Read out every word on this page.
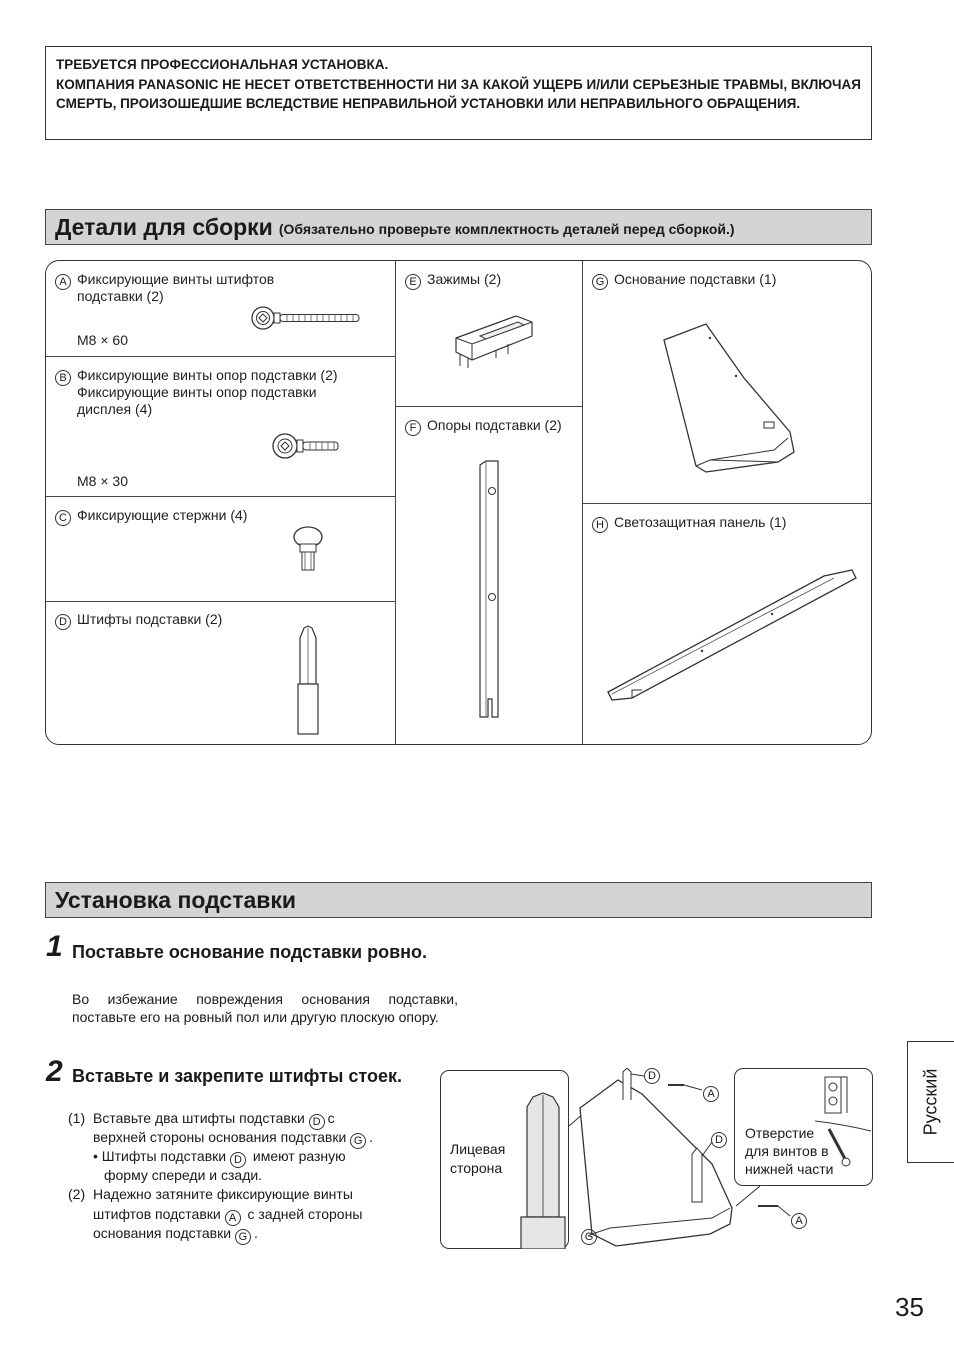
ТРЕБУЕТСЯ ПРОФЕССИОНАЛЬНАЯ УСТАНОВКА.
КОМПАНИЯ PANASONIC НЕ НЕСЕТ ОТВЕТСТВЕННОСТИ НИ ЗА КАКОЙ УЩЕРБ И/ИЛИ СЕРЬЕЗНЫЕ ТРАВМЫ, ВКЛЮЧАЯ СМЕРТЬ, ПРОИЗОШЕДШИЕ ВСЛЕДСТВИЕ НЕПРАВИЛЬНОЙ УСТАНОВКИ ИЛИ НЕПРАВИЛЬНОГО ОБРАЩЕНИЯ.
Детали для сборки (Обязательно проверьте комплектность деталей перед сборкой.)
A Фиксирующие винты штифтов подставки (2)
M8 × 60
B Фиксирующие винты опор подставки (2)
Фиксирующие винты опор подставки дисплея (4)
M8 × 30
C Фиксирующие стержни (4)
D Штифты подставки (2)
E Зажимы (2)
F Опоры подставки (2)
G Основание подставки (1)
H Светозащитная панель (1)
Установка подставки
1 Поставьте основание подставки ровно.
Во избежание повреждения основания подставки, поставьте его на ровный пол или другую плоскую опору.
2 Вставьте и закрепите штифты стоек.
(1) Вставьте два штифты подставки D с
верхней стороны основания подставки G .
• Штифты подставки D имеют разную
форму спереди и сзади.
(2) Надежно затяните фиксирующие винты
штифтов подставки A с задней стороны
основания подставки G .
Лицевая
сторона
D
A
D
A
G
Отверстие
для винтов в
нижней части
Русский
35
